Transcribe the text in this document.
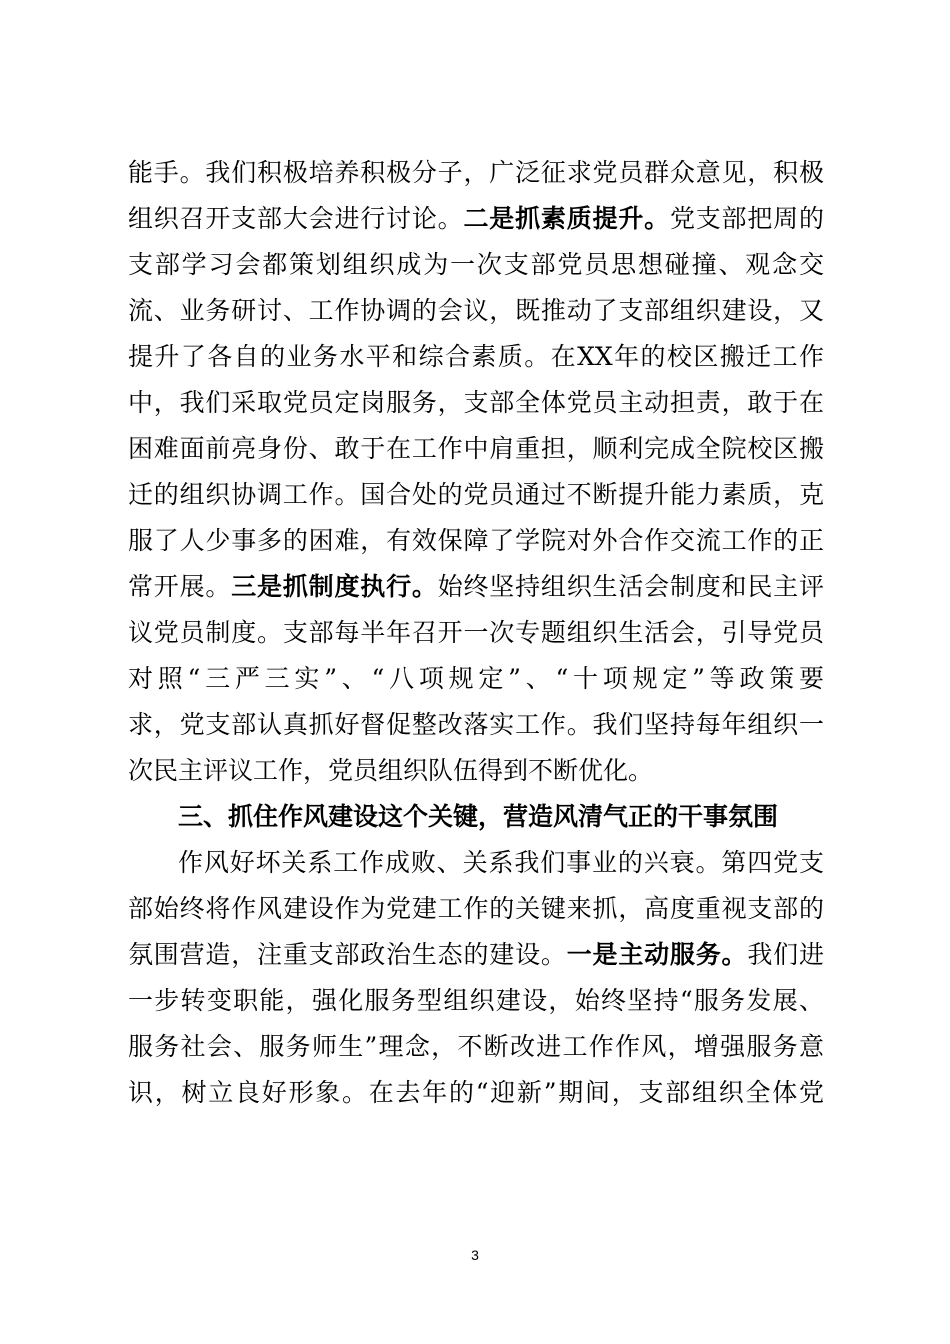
能手。我们积极培养积极分子，广泛征求党员群众意见，积极
组织召开支部大会进行讨论。二是抓素质提升。党支部把周的
支部学习会都策划组织成为一次支部党员思想碰撞、观念交
流、业务研讨、工作协调的会议，既推动了支部组织建设，又
提升了各自的业务水平和综合素质。在XX年的校区搬迁工作
中，我们采取党员定岗服务，支部全体党员主动担责，敢于在
困难面前亮身份、敢于在工作中肩重担，顺利完成全院校区搬
迁的组织协调工作。国合处的党员通过不断提升能力素质，克
服了人少事多的困难，有效保障了学院对外合作交流工作的正
常开展。三是抓制度执行。始终坚持组织生活会制度和民主评
议党员制度。支部每半年召开一次专题组织生活会，引导党员
对照“三严三实”、“八项规定”、“十项规定”等政策要
求，党支部认真抓好督促整改落实工作。我们坚持每年组织一
次民主评议工作，党员组织队伍得到不断优化。
三、抓住作风建设这个关键，营造风清气正的干事氛围
作风好坏关系工作成败、关系我们事业的兴衰。第四党支
部始终将作风建设作为党建工作的关键来抓，高度重视支部的
氛围营造，注重支部政治生态的建设。一是主动服务。我们进
一步转变职能，强化服务型组织建设，始终坚持“服务发展、
服务社会、服务师生”理念，不断改进工作作风，增强服务意
识，树立良好形象。在去年的“迎新”期间，支部组织全体党
3
